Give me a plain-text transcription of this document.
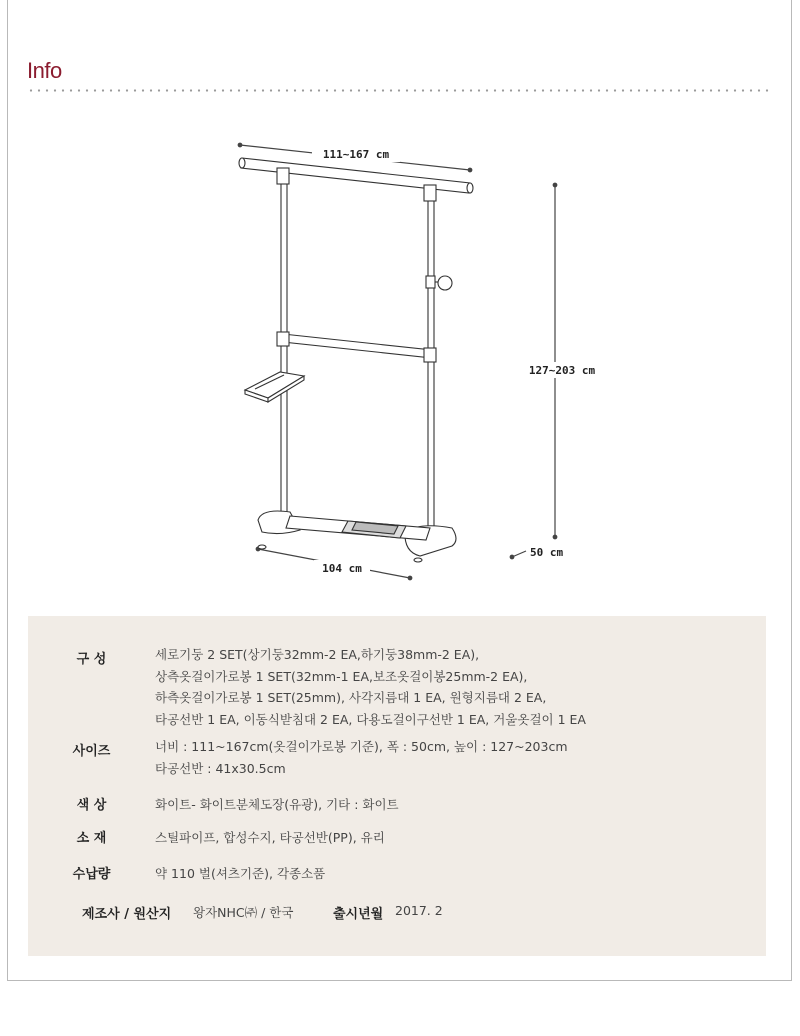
Info
111~167 cm
127~203 cm
50 cm
104 cm
구 성	세로기둥 2 SET(상기둥32mm-2 EA,하기둥38mm-2 EA),
상측옷걸이가로봉 1 SET(32mm-1 EA,보조옷걸이봉25mm-2 EA),
하측옷걸이가로봉 1 SET(25mm), 사각지름대 1 EA, 원형지름대 2 EA,
타공선반 1 EA, 이동식받침대 2 EA, 다용도걸이구선반 1 EA, 거울옷걸이 1 EA
사이즈	너비 : 111~167cm(옷걸이가로봉 기준), 폭 : 50cm, 높이 : 127~203cm
타공선반 : 41x30.5cm
색 상	화이트- 화이트분체도장(유광), 기타 : 화이트
소 재	스틸파이프, 합성수지, 타공선반(PP), 유리
수납량	약 110 벌(셔츠기준), 각종소품
제조사 / 원산지 왕자NHC㈜ / 한국	출시년월 2017. 2
